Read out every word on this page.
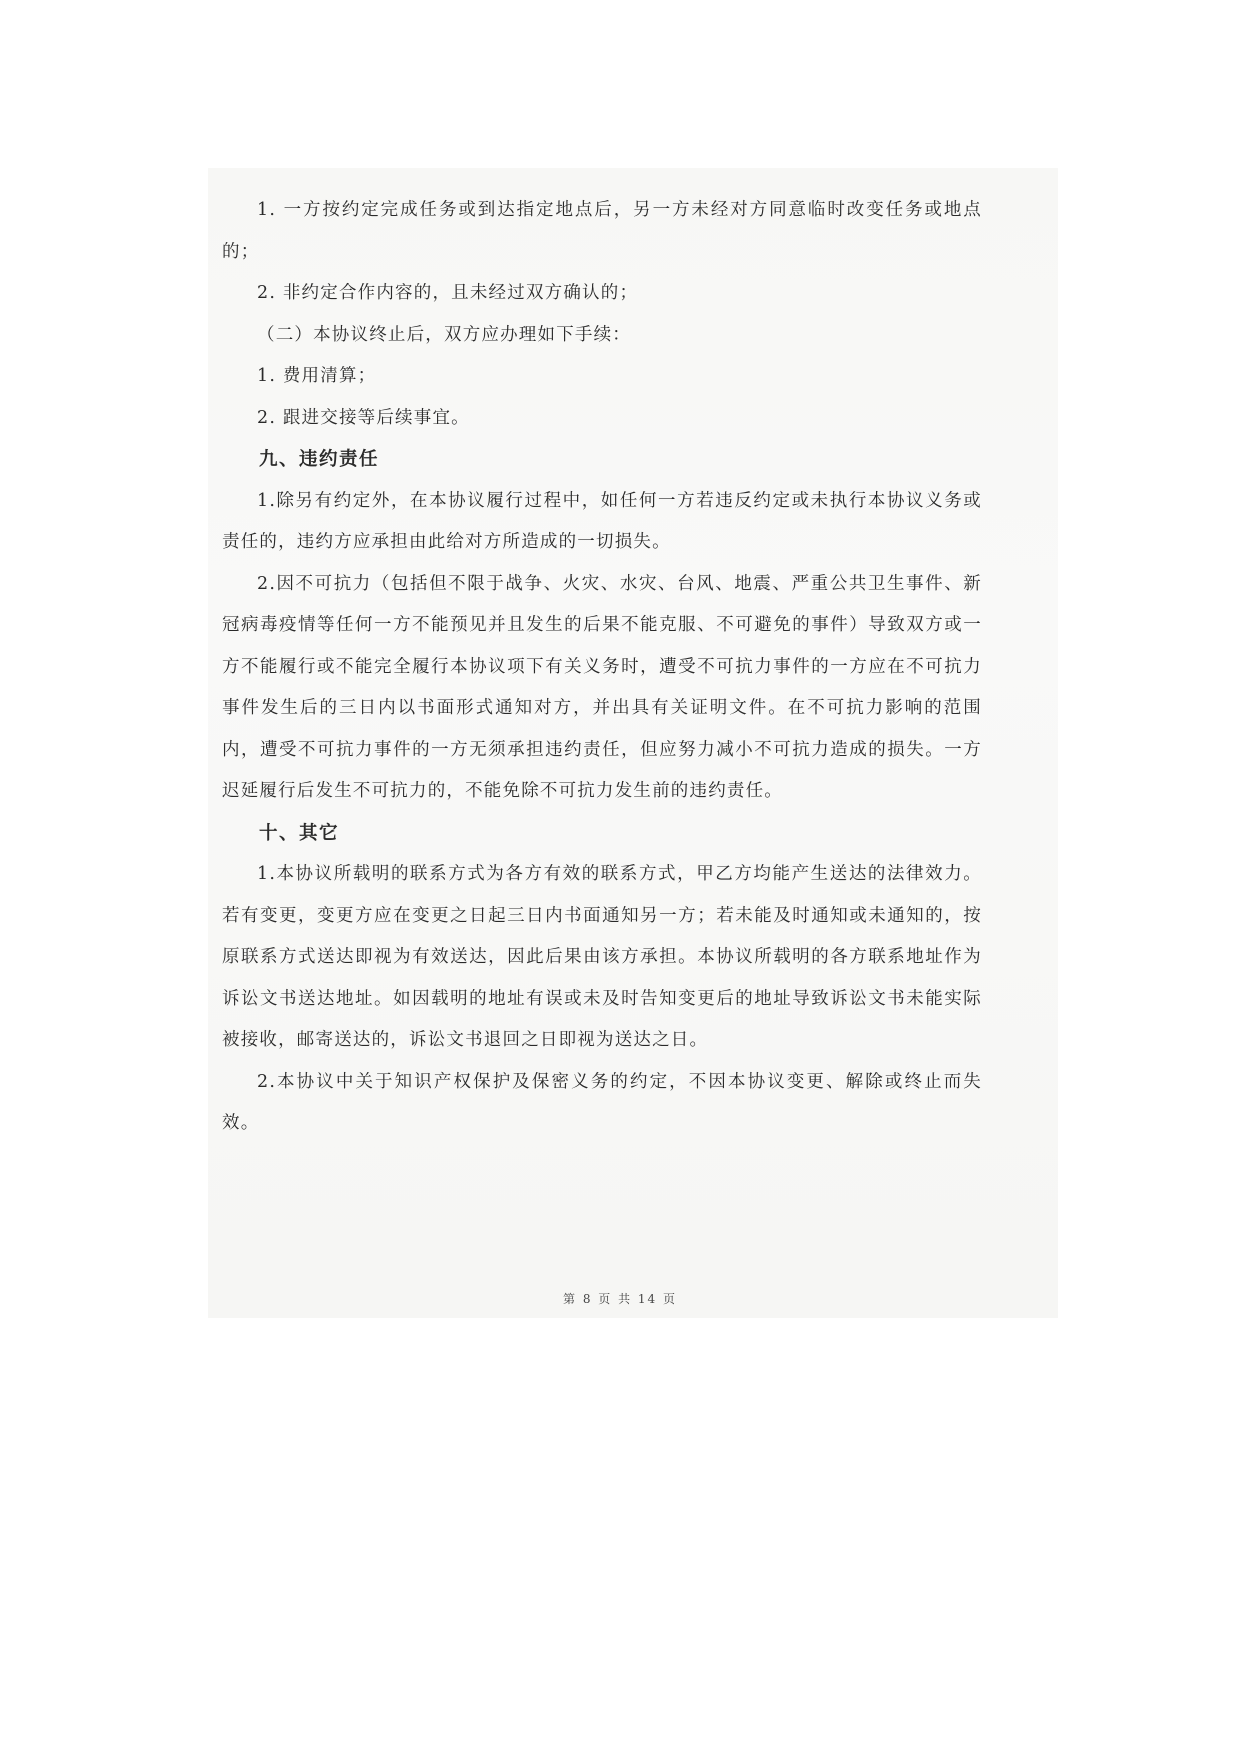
1. 一方按约定完成任务或到达指定地点后，另一方未经对方同意临时改变任务或地点的；

2. 非约定合作内容的，且未经过双方确认的；

（二）本协议终止后，双方应办理如下手续：

1. 费用清算；

2. 跟进交接等后续事宜。

九、违约责任

1.除另有约定外，在本协议履行过程中，如任何一方若违反约定或未执行本协议义务或责任的，违约方应承担由此给对方所造成的一切损失。

2.因不可抗力（包括但不限于战争、火灾、水灾、台风、地震、严重公共卫生事件、新冠病毒疫情等任何一方不能预见并且发生的后果不能克服、不可避免的事件）导致双方或一方不能履行或不能完全履行本协议项下有关义务时，遭受不可抗力事件的一方应在不可抗力事件发生后的三日内以书面形式通知对方，并出具有关证明文件。在不可抗力影响的范围内，遭受不可抗力事件的一方无须承担违约责任，但应努力减小不可抗力造成的损失。一方迟延履行后发生不可抗力的，不能免除不可抗力发生前的违约责任。

十、其它

1.本协议所载明的联系方式为各方有效的联系方式，甲乙方均能产生送达的法律效力。若有变更，变更方应在变更之日起三日内书面通知另一方；若未能及时通知或未通知的，按原联系方式送达即视为有效送达，因此后果由该方承担。本协议所载明的各方联系地址作为诉讼文书送达地址。如因载明的地址有误或未及时告知变更后的地址导致诉讼文书未能实际被接收，邮寄送达的，诉讼文书退回之日即视为送达之日。

2.本协议中关于知识产权保护及保密义务的约定，不因本协议变更、解除或终止而失效。

第 8 页 共 14 页
